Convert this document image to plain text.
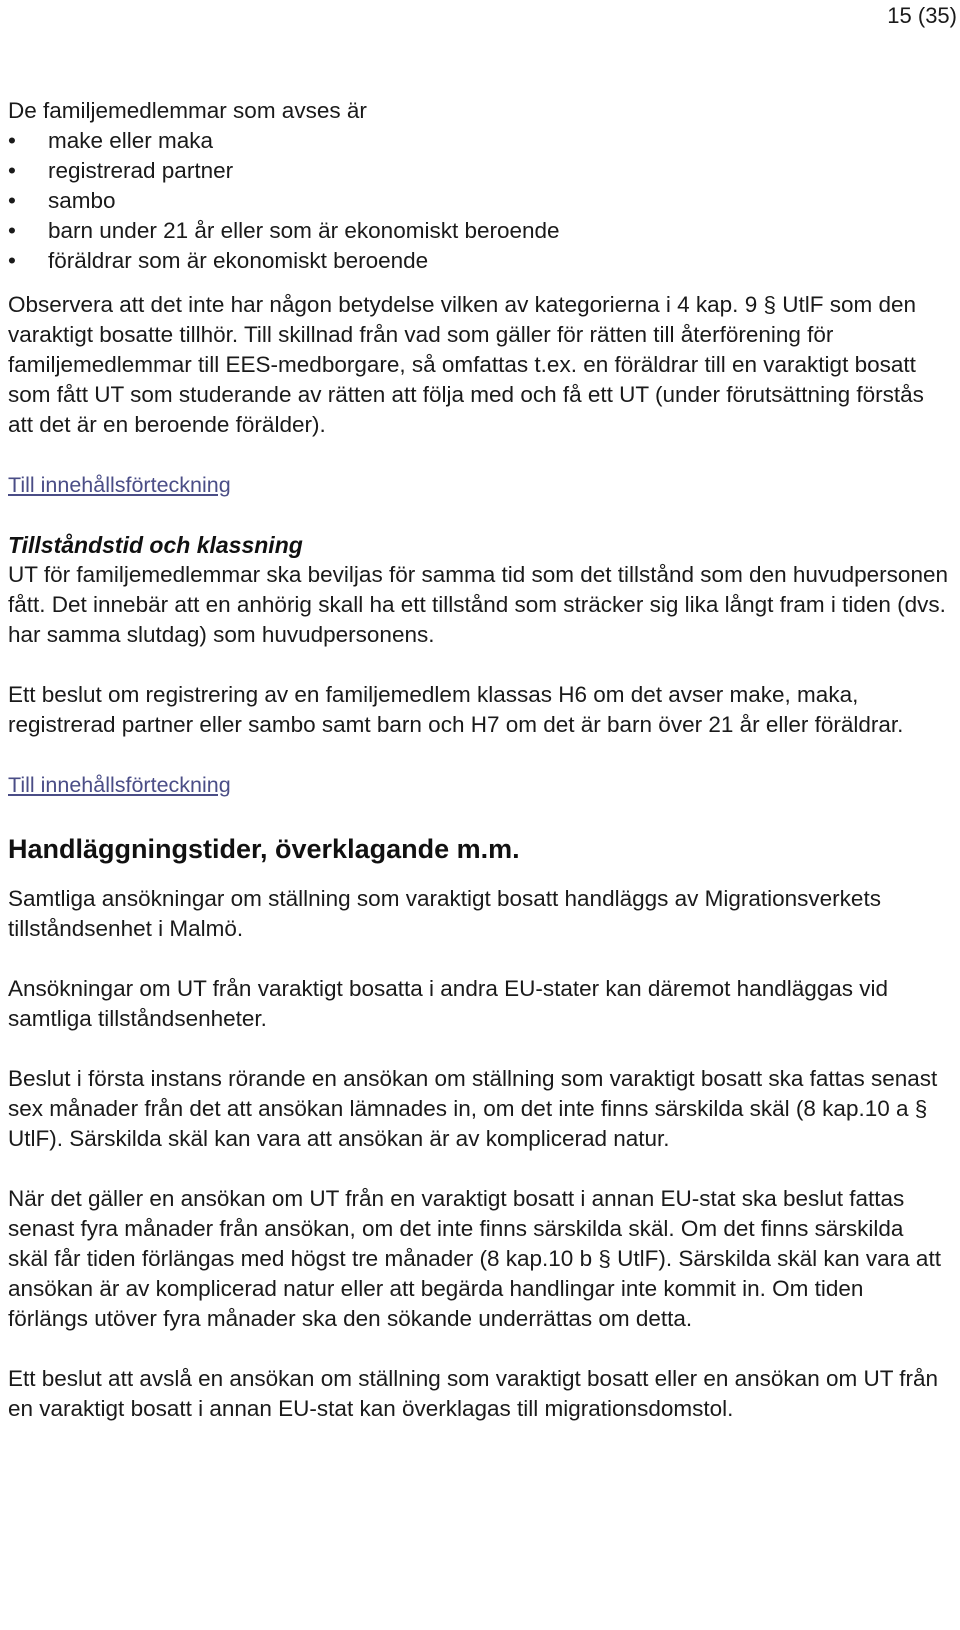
15 (35)

De familjemedlemmar som avses är

•	make eller maka
•	registrerad partner
•	sambo
•	barn under 21 år eller som är ekonomiskt beroende
•	föräldrar som är ekonomiskt beroende

Observera att det inte har någon betydelse vilken av kategorierna i 4 kap. 9 § UtlF som den varaktigt bosatte tillhör. Till skillnad från vad som gäller för rätten till återförening för familjemedlemmar till EES-medborgare, så omfattas t.ex. en föräldrar till en varaktigt bosatt som fått UT som studerande av rätten att följa med och få ett UT (under förutsättning förstås att det är en beroende förälder).

Till innehållsförteckning

Tillståndstid och klassning

UT för familjemedlemmar ska beviljas för samma tid som det tillstånd som den huvudpersonen fått. Det innebär att en anhörig skall ha ett tillstånd som sträcker sig lika långt fram i tiden (dvs. har samma slutdag) som huvudpersonens.

Ett beslut om registrering av en familjemedlem klassas H6 om det avser make, maka, registrerad partner eller sambo samt barn och H7 om det är barn över 21 år eller föräldrar.

Till innehållsförteckning

Handläggningstider, överklagande m.m.

Samtliga ansökningar om ställning som varaktigt bosatt handläggs av Migrationsverkets tillståndsenhet i Malmö.

Ansökningar om UT från varaktigt bosatta i andra EU-stater kan däremot handläggas vid samtliga tillståndsenheter.

Beslut i första instans rörande en ansökan om ställning som varaktigt bosatt ska fattas senast sex månader från det att ansökan lämnades in, om det inte finns särskilda skäl (8 kap.10 a § UtlF). Särskilda skäl kan vara att ansökan är av komplicerad natur.

När det gäller en ansökan om UT från en varaktigt bosatt i annan EU-stat ska beslut fattas senast fyra månader från ansökan, om det inte finns särskilda skäl. Om det finns särskilda skäl får tiden förlängas med högst tre månader (8 kap.10 b § UtlF). Särskilda skäl kan vara att ansökan är av komplicerad natur eller att begärda handlingar inte kommit in. Om tiden förlängs utöver fyra månader ska den sökande underrättas om detta.

Ett beslut att avslå en ansökan om ställning som varaktigt bosatt eller en ansökan om UT från en varaktigt bosatt i annan EU-stat kan överklagas till migrationsdomstol.
